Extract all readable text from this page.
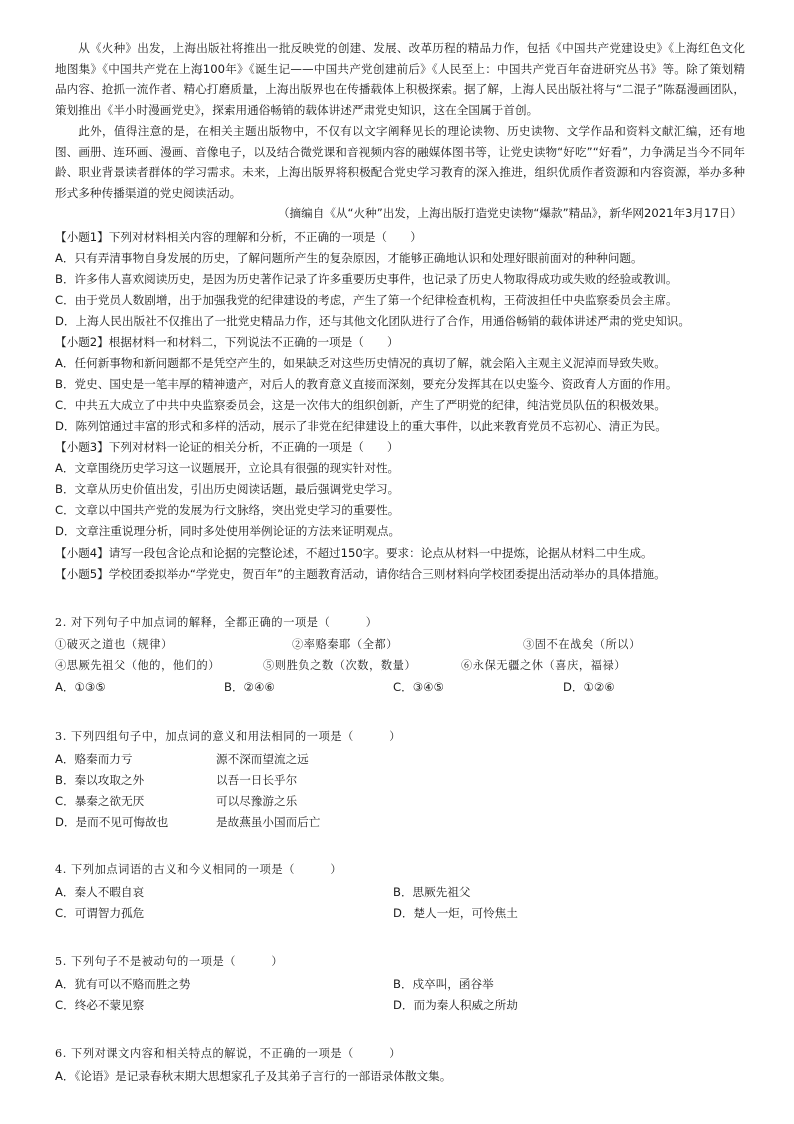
从《火种》出发，上海出版社将推出一批反映党的创建、发展、改革历程的精品力作，包括《中国共产党建设史》《上海红色文化地图集》《中国共产党在上海100年》《诞生记——中国共产党创建前后》《人民至上：中国共产党百年奋进研究丛书》等。除了策划精品内容、抢抓一流作者、精心打磨质量，上海出版界也在传播载体上积极探索。据了解，上海人民出版社将与“二混子”陈磊漫画团队，策划推出《半小时漫画党史》，探索用通俗畅销的载体讲述严肃党史知识，这在全国属于首创。
此外，值得注意的是，在相关主题出版物中，不仅有以文字阐释见长的理论读物、历史读物、文学作品和资料文献汇编，还有地图、画册、连环画、漫画、音像电子，以及结合微党课和音视频内容的融媒体图书等，让党史读物“好吃”“好看”，力争满足当今不同年龄、职业背景读者群体的学习需求。未来，上海出版界将积极配合党史学习教育的深入推进，组织优质作者资源和内容资源，举办多种形式多种传播渠道的党史阅读活动。
（摘编自《从“火种”出发，上海出版打造党史读物“爆款”精品》，新华网2021年3月17日）
【小题1】下列对材料相关内容的理解和分析，不正确的一项是（　　）
A．只有弄清事物自身发展的历史，了解问题所产生的复杂原因，才能够正确地认识和处理好眼前面对的种种问题。
B．许多伟人喜欢阅读历史，是因为历史著作记录了许多重要历史事件，也记录了历史人物取得成功或失败的经验或教训。
C．由于党员人数剧增，出于加强我党的纪律建设的考虑，产生了第一个纪律检查机构，王荷波担任中央监察委员会主席。
D．上海人民出版社不仅推出了一批党史精品力作，还与其他文化团队进行了合作，用通俗畅销的载体讲述严肃的党史知识。
【小题2】根据材料一和材料二，下列说法不正确的一项是（　　）
A．任何新事物和新问题都不是凭空产生的，如果缺乏对这些历史情况的真切了解，就会陷入主观主义泥淖而导致失败。
B．党史、国史是一笔丰厚的精神遗产，对后人的教育意义直接而深刻，要充分发挥其在以史鉴今、资政育人方面的作用。
C．中共五大成立了中共中央监察委员会，这是一次伟大的组织创新，产生了严明党的纪律，纯洁党员队伍的积极效果。
D．陈列馆通过丰富的形式和多样的活动，展示了非党在纪律建设上的重大事件，以此来教育党员不忘初心、清正为民。
【小题3】下列对材料一论证的相关分析，不正确的一项是（　　）
A．文章围绕历史学习这一议题展开，立论具有很强的现实针对性。
B．文章从历史价值出发，引出历史阅读话题，最后强调党史学习。
C．文章以中国共产党的发展为行文脉络，突出党史学习的重要性。
D．文章注重说理分析，同时多处使用举例论证的方法来证明观点。
【小题4】请写一段包含论点和论据的完整论述，不超过150字。要求：论点从材料一中提炼，论据从材料二中生成。
【小题5】学校团委拟举办“学党史，贺百年”的主题教育活动，请你结合三则材料向学校团委提出活动举办的具体措施。
2. 对下列句子中加点词的解释，全都正确的一项是（　　　）
①破灭之道也（规律）	②率赂秦耶（全都）	③固不在战矣（所以）
④思厥先祖父（他的，他们的）	⑤则胜负之数（次数，数量）	⑥永保无疆之休（喜庆，福禄）
A．①③⑤	B．②④⑥	C．③④⑤	D．①②⑥
3. 下列四组句子中，加点词的意义和用法相同的一项是（　　　）
A．赂秦而力亏	源不深而望流之远
B．秦以攻取之外	以吾一日长乎尔
C．暴秦之欲无厌	可以尽豫游之乐
D．是而不见可悔故也	是故燕虽小国而后亡
4. 下列加点词语的古义和今义相同的一项是（　　　）
A．秦人不暇自哀	B．思厥先祖父
C．可谓智力孤危	D．楚人一炬，可怜焦土
5. 下列句子不是被动句的一项是（　　　）
A．犹有可以不赂而胜之势	B．戍卒叫，函谷举
C．终必不蒙见察	D．而为秦人积威之所劫
6. 下列对课文内容和相关特点的解说，不正确的一项是（　　　）
A．《论语》是记录春秋末期大思想家孔子及其弟子言行的一部语录体散文集。
